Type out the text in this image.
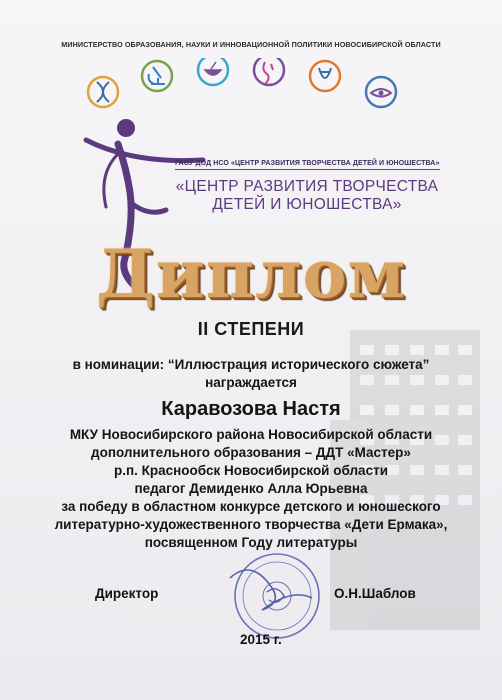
МИНИСТЕРСТВО ОБРАЗОВАНИЯ, НАУКИ И ИННОВАЦИОННОЙ ПОЛИТИКИ НОВОСИБИРСКОЙ ОБЛАСТИ
ГАОУ ДОД НСО «ЦЕНТР РАЗВИТИЯ ТВОРЧЕСТВА ДЕТЕЙ И ЮНОШЕСТВА»
«ЦЕНТР РАЗВИТИЯ ТВОРЧЕСТВА
ДЕТЕЙ И ЮНОШЕСТВА»
Диплом
II СТЕПЕНИ
в номинации: “Иллюстрация исторического сюжета”
награждается
Каравозова Настя
МКУ Новосибирского района Новосибирской области
дополнительного образования – ДДТ «Мастер»
р.п. Краснообск Новосибирской области
педагог Демиденко Алла Юрьевна
за победу в областном конкурсе детского и юношеского
литературно-художественного творчества «Дети Ермака»,
посвященном Году литературы
Директор	О.Н.Шаблов
2015 г.
